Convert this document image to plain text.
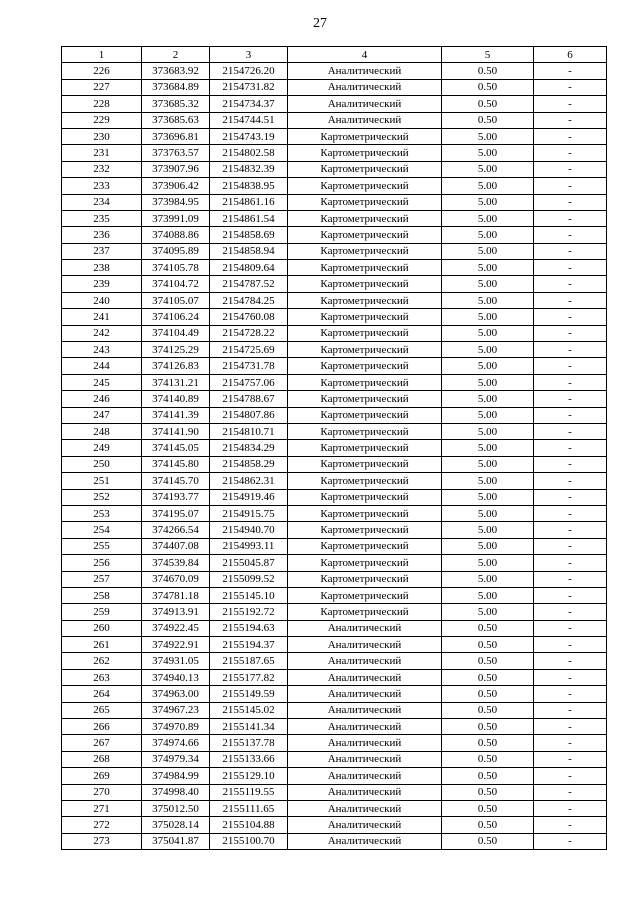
27
1	2	3	4	5	6
226	373683.92	2154726.20	Аналитический	0.50	-
227	373684.89	2154731.82	Аналитический	0.50	-
228	373685.32	2154734.37	Аналитический	0.50	-
229	373685.63	2154744.51	Аналитический	0.50	-
230	373696.81	2154743.19	Картометрический	5.00	-
231	373763.57	2154802.58	Картометрический	5.00	-
232	373907.96	2154832.39	Картометрический	5.00	-
233	373906.42	2154838.95	Картометрический	5.00	-
234	373984.95	2154861.16	Картометрический	5.00	-
235	373991.09	2154861.54	Картометрический	5.00	-
236	374088.86	2154858.69	Картометрический	5.00	-
237	374095.89	2154858.94	Картометрический	5.00	-
238	374105.78	2154809.64	Картометрический	5.00	-
239	374104.72	2154787.52	Картометрический	5.00	-
240	374105.07	2154784.25	Картометрический	5.00	-
241	374106.24	2154760.08	Картометрический	5.00	-
242	374104.49	2154728.22	Картометрический	5.00	-
243	374125.29	2154725.69	Картометрический	5.00	-
244	374126.83	2154731.78	Картометрический	5.00	-
245	374131.21	2154757.06	Картометрический	5.00	-
246	374140.89	2154788.67	Картометрический	5.00	-
247	374141.39	2154807.86	Картометрический	5.00	-
248	374141.90	2154810.71	Картометрический	5.00	-
249	374145.05	2154834.29	Картометрический	5.00	-
250	374145.80	2154858.29	Картометрический	5.00	-
251	374145.70	2154862.31	Картометрический	5.00	-
252	374193.77	2154919.46	Картометрический	5.00	-
253	374195.07	2154915.75	Картометрический	5.00	-
254	374266.54	2154940.70	Картометрический	5.00	-
255	374407.08	2154993.11	Картометрический	5.00	-
256	374539.84	2155045.87	Картометрический	5.00	-
257	374670.09	2155099.52	Картометрический	5.00	-
258	374781.18	2155145.10	Картометрический	5.00	-
259	374913.91	2155192.72	Картометрический	5.00	-
260	374922.45	2155194.63	Аналитический	0.50	-
261	374922.91	2155194.37	Аналитический	0.50	-
262	374931.05	2155187.65	Аналитический	0.50	-
263	374940.13	2155177.82	Аналитический	0.50	-
264	374963.00	2155149.59	Аналитический	0.50	-
265	374967.23	2155145.02	Аналитический	0.50	-
266	374970.89	2155141.34	Аналитический	0.50	-
267	374974.66	2155137.78	Аналитический	0.50	-
268	374979.34	2155133.66	Аналитический	0.50	-
269	374984.99	2155129.10	Аналитический	0.50	-
270	374998.40	2155119.55	Аналитический	0.50	-
271	375012.50	2155111.65	Аналитический	0.50	-
272	375028.14	2155104.88	Аналитический	0.50	-
273	375041.87	2155100.70	Аналитический	0.50	-
